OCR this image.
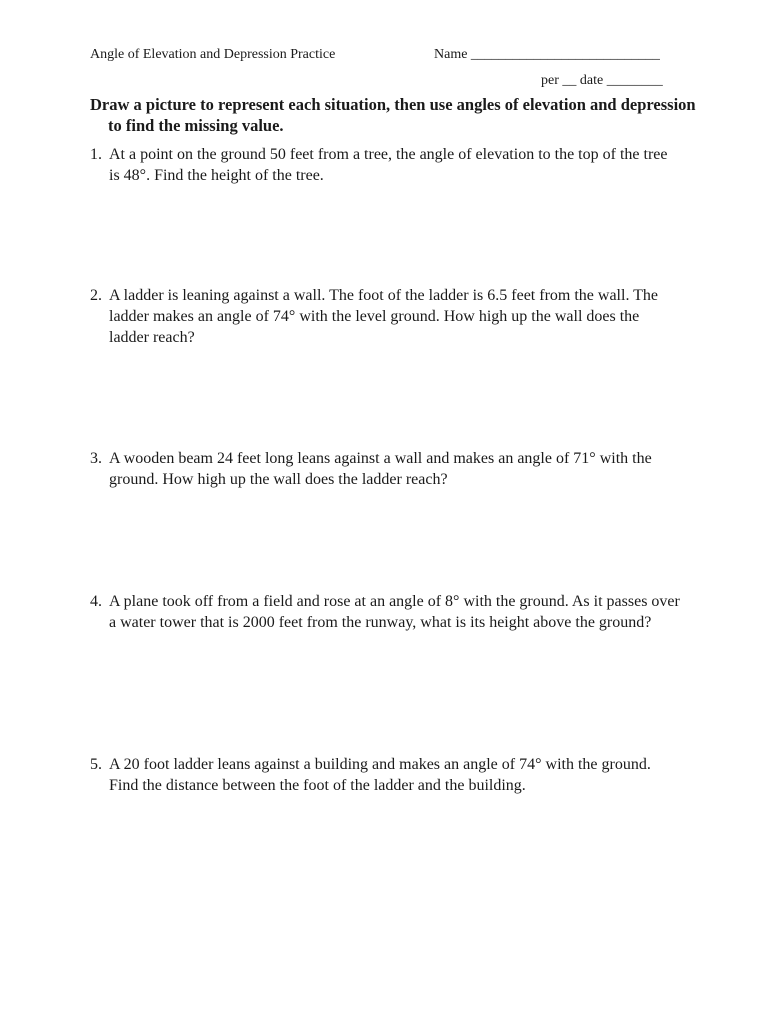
Angle of Elevation and Depression Practice	Name ___________________________
per __ date ________
Draw a picture to represent each situation, then use angles of elevation and depression to find the missing value.
1. At a point on the ground 50 feet from a tree, the angle of elevation to the top of the tree is 48°. Find the height of the tree.
2. A ladder is leaning against a wall. The foot of the ladder is 6.5 feet from the wall. The ladder makes an angle of 74° with the level ground. How high up the wall does the ladder reach?
3. A wooden beam 24 feet long leans against a wall and makes an angle of 71° with the ground. How high up the wall does the ladder reach?
4. A plane took off from a field and rose at an angle of 8° with the ground. As it passes over a water tower that is 2000 feet from the runway, what is its height above the ground?
5. A 20 foot ladder leans against a building and makes an angle of 74° with the ground. Find the distance between the foot of the ladder and the building.
